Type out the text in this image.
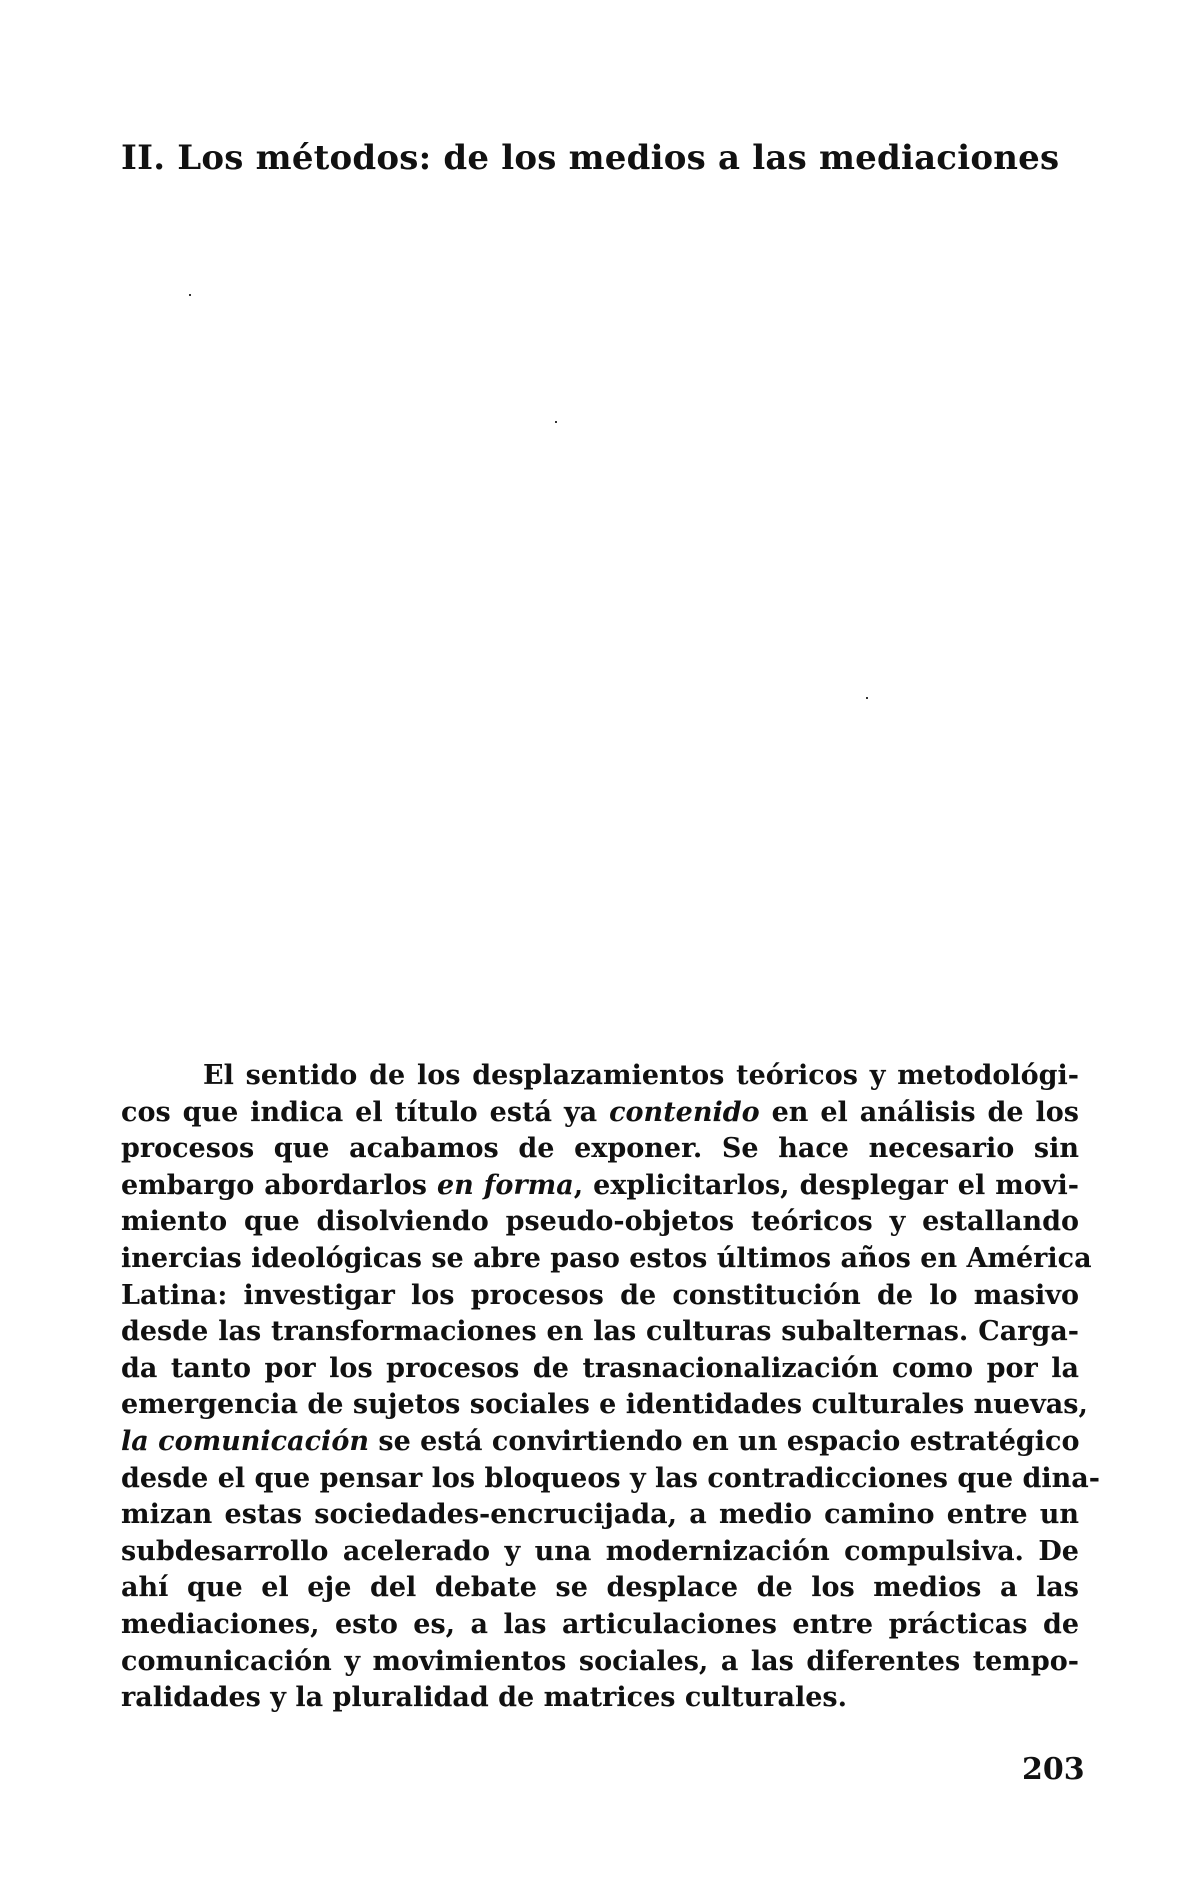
II. Los métodos: de los medios a las mediaciones
El sentido de los desplazamientos teóricos y metodológi-
cos que indica el título está ya contenido en el análisis de los
procesos que acabamos de exponer. Se hace necesario sin
embargo abordarlos en forma, explicitarlos, desplegar el movi-
miento que disolviendo pseudo-objetos teóricos y estallando
inercias ideológicas se abre paso estos últimos años en América
Latina: investigar los procesos de constitución de lo masivo
desde las transformaciones en las culturas subalternas. Carga-
da tanto por los procesos de trasnacionalización como por la
emergencia de sujetos sociales e identidades culturales nuevas,
la comunicación se está convirtiendo en un espacio estratégico
desde el que pensar los bloqueos y las contradicciones que dina-
mizan estas sociedades-encrucijada, a medio camino entre un
subdesarrollo acelerado y una modernización compulsiva. De
ahí que el eje del debate se desplace de los medios a las
mediaciones, esto es, a las articulaciones entre prácticas de
comunicación y movimientos sociales, a las diferentes tempo-
ralidades y la pluralidad de matrices culturales.

203
